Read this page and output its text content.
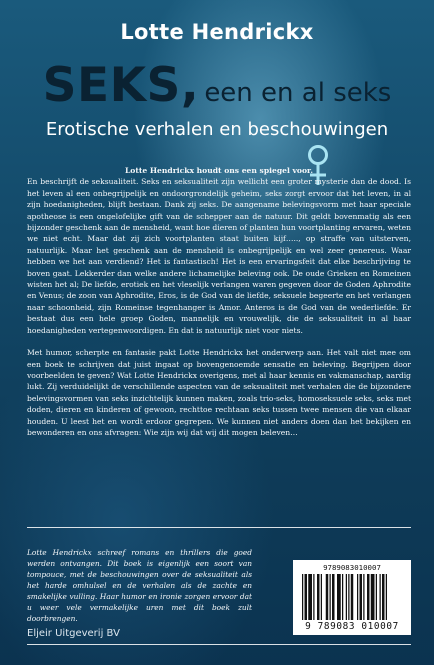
Lotte Hendrickx
SEKS, een en al seks
Erotische verhalen en beschouwingen

Lotte Hendrickx houdt ons een spiegel voor.
En beschrijft de seksualiteit. Seks en seksualiteit zijn wellicht een groter mysterie dan de dood. Is het leven al een onbegrijpelijk en ondoorgrondelijk geheim, seks zorgt ervoor dat het leven, in al zijn hoedanigheden, blijft bestaan. Dank zij seks. De aangename belevingsvorm met haar speciale apotheose is een ongelofelijke gift van de schepper aan de natuur. Dit geldt bovenmatig als een bijzonder geschenk aan de mensheid, want hoe dieren of planten hun voortplanting ervaren, weten we niet echt. Maar dat zij zich voortplanten staat buiten kijf….., op straffe van uitsterven, natuurlijk. Maar het geschenk aan de mensheid is onbegrijpelijk en wel zeer genereus. Waar hebben we het aan verdiend? Het is fantastisch! Het is een ervaringsfeit dat elke beschrijving te boven gaat. Lekkerder dan welke andere lichamelijke beleving ook. De oude Grieken en Romeinen wisten het al; De liefde, erotiek en het vleselijk verlangen waren gegeven door de Goden Aphrodite en Venus; de zoon van Aphrodite, Eros, is de God van de liefde, seksuele begeerte en het verlangen naar schoonheid, zijn Romeinse tegenhanger is Amor. Anteros is de God van de wederliefde. Er bestaat dus een hele groep Goden, mannelijk en vrouwelijk, die de seksualiteit in al haar hoedanigheden vertegenwoordigen. En dat is natuurlijk niet voor niets.

Met humor, scherpte en fantasie pakt Lotte Hendrickx het onderwerp aan. Het valt niet mee om een boek te schrijven dat juist ingaat op bovengenoemde sensatie en beleving. Begrijpen door voorbeelden te geven? Wat Lotte Hendrickx overigens, met al haar kennis en vakmanschap, aardig lukt. Zij verduidelijkt de verschillende aspecten van de seksualiteit met verhalen die de bijzondere belevingsvormen van seks inzichtelijk kunnen maken, zoals trio-seks, homoseksuele seks, seks met doden, dieren en kinderen of gewoon, rechttoe rechtaan seks tussen twee mensen die van elkaar houden. U leest het en wordt erdoor gegrepen. We kunnen niet anders doen dan het bekijken en bewonderen en ons afvragen: Wie zijn wij dat wij dit mogen beleven…

Lotte Hendrickx schreef romans en thrillers die goed werden ontvangen. Dit boek is eigenlijk een soort van tompouce, met de beschouwingen over de seksualiteit als het harde omhulsel en de verhalen als de zachte en smakelijke vulling. Haar humor en ironie zorgen ervoor dat u weer vele vermakelijke uren met dit boek zult doorbrengen.
9789083010007
9 789083 010007
Eljeir Uitgeverij BV
